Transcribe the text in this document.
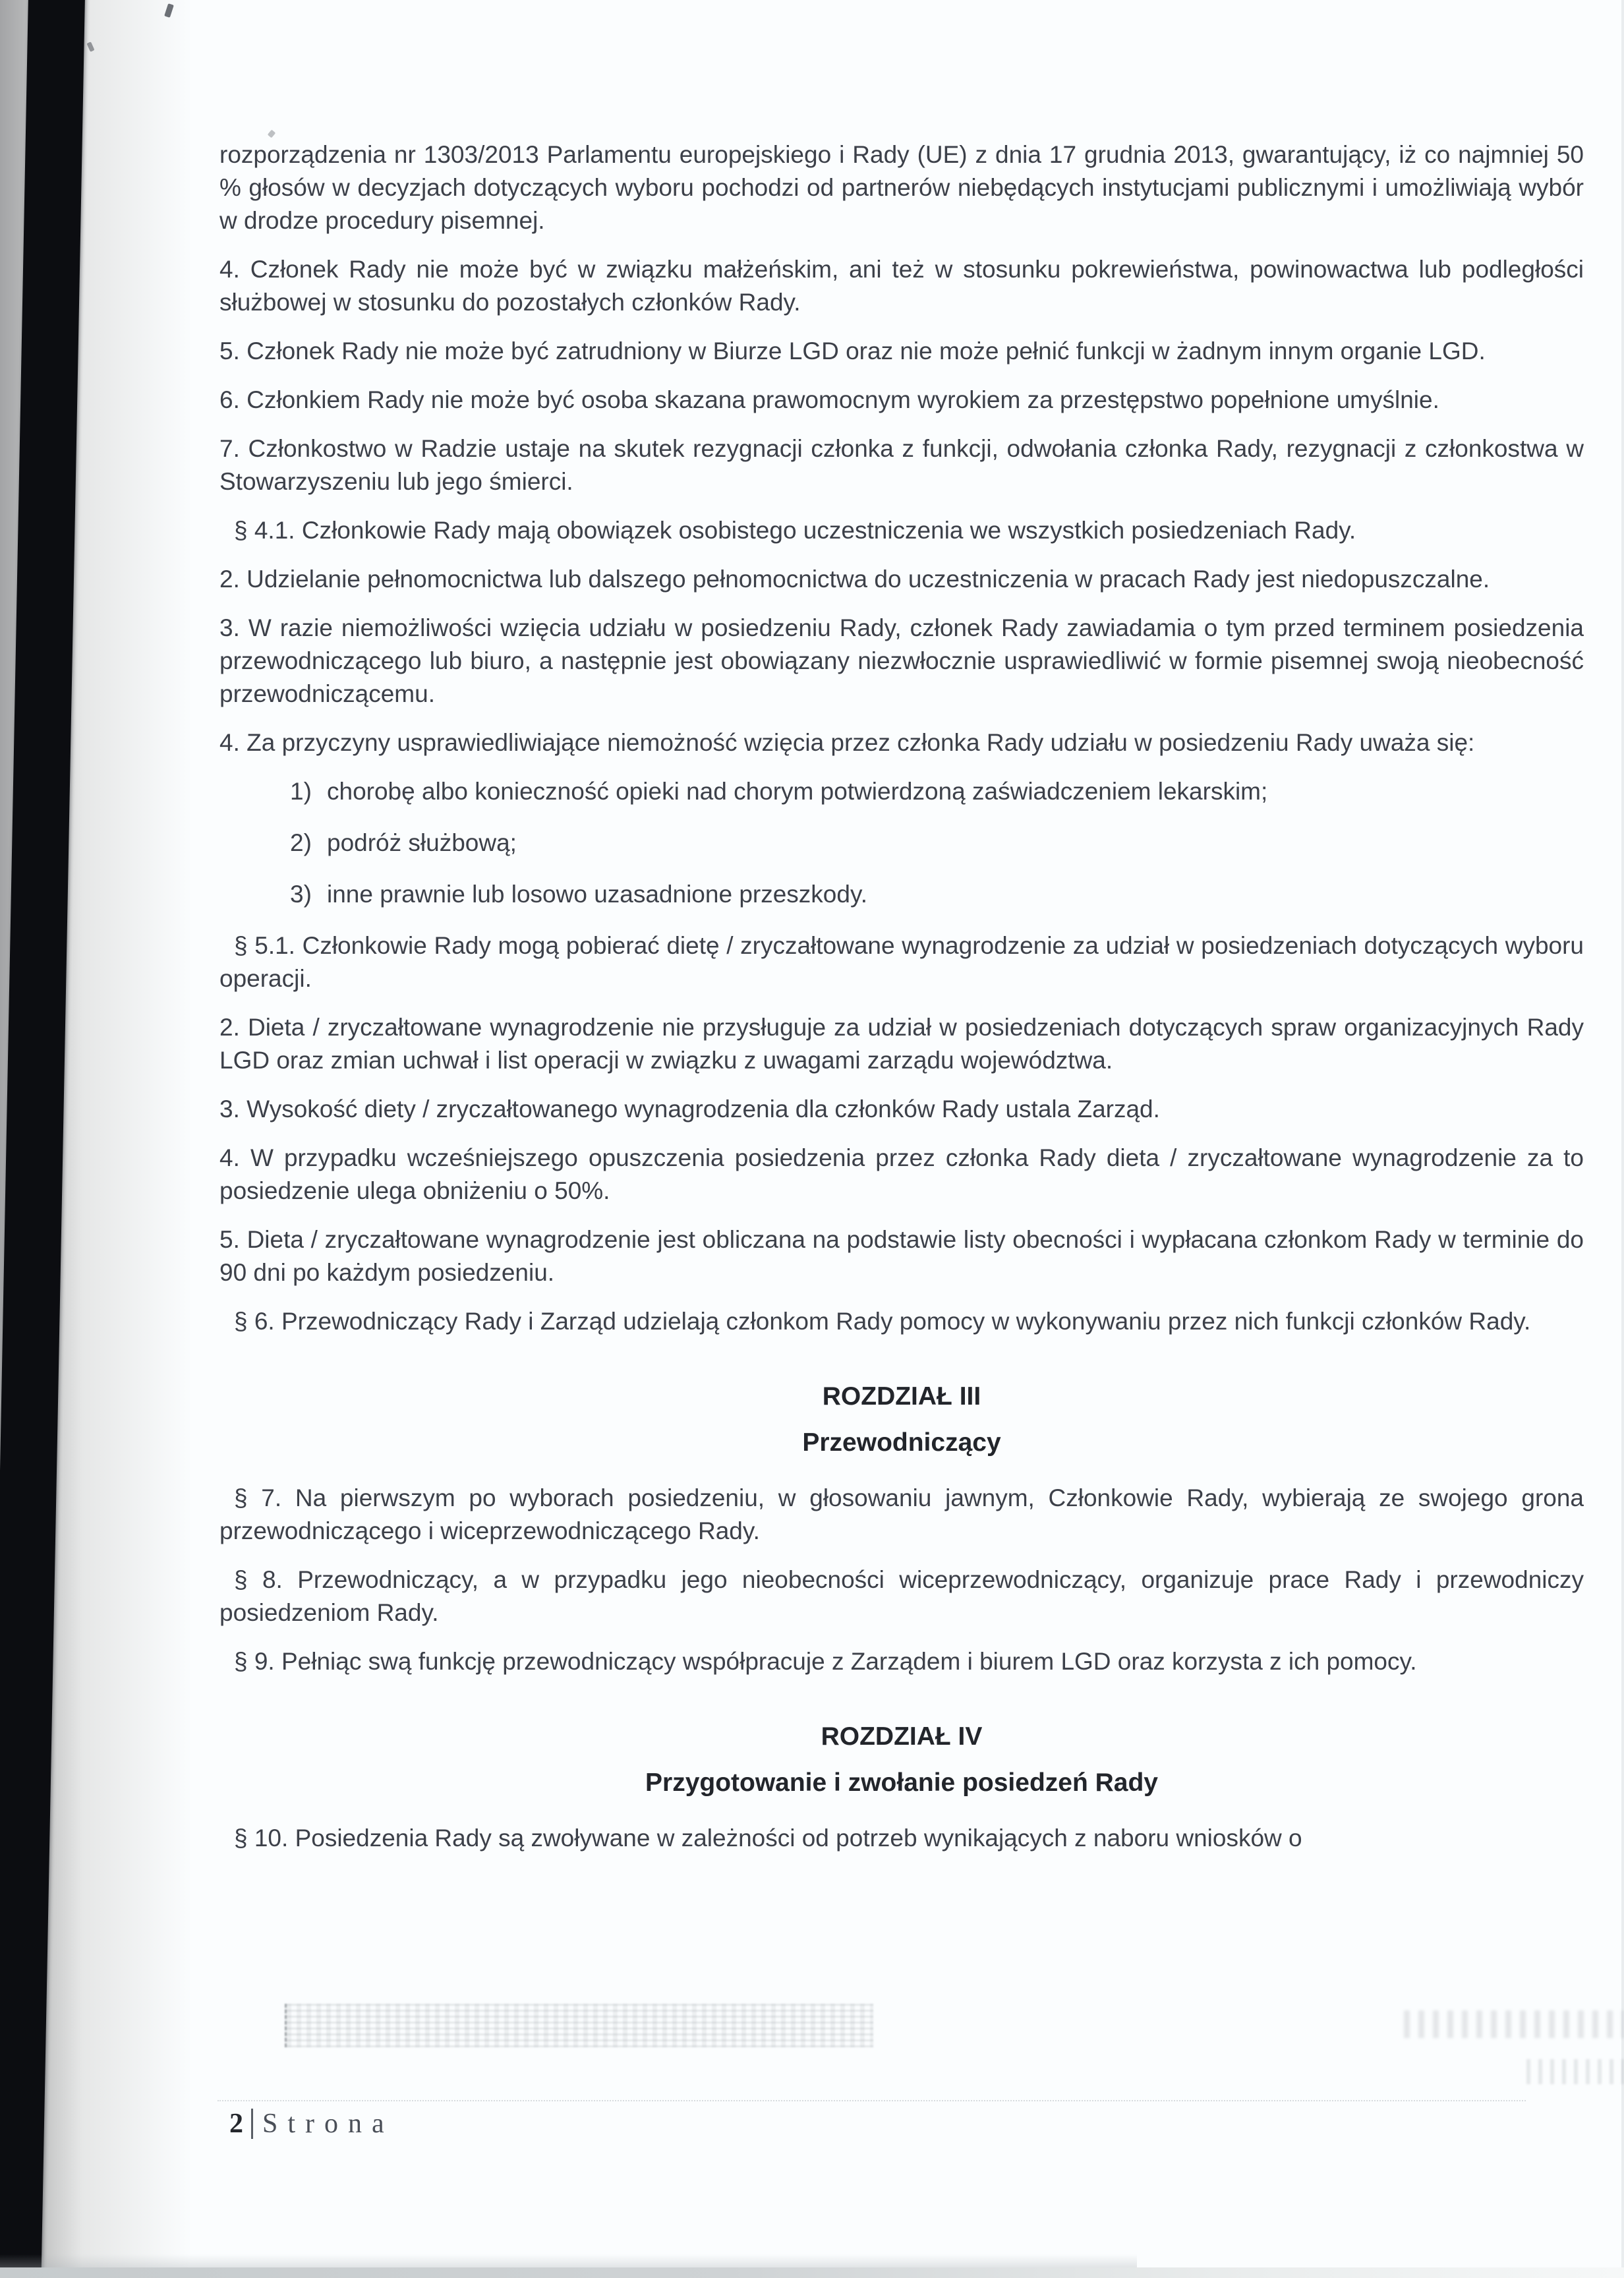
rozporządzenia nr 1303/2013 Parlamentu europejskiego i Rady (UE) z dnia 17 grudnia 2013, gwarantujący, iż co najmniej 50 % głosów w decyzjach dotyczących wyboru pochodzi od partnerów niebędących instytucjami publicznymi i umożliwiają wybór w drodze procedury pisemnej.
4. Członek Rady nie może być w związku małżeńskim, ani też w stosunku pokrewieństwa, powinowactwa lub podległości służbowej w stosunku do pozostałych członków Rady.
5. Członek Rady nie może być zatrudniony w Biurze LGD oraz nie może pełnić funkcji w żadnym innym organie LGD.
6. Członkiem Rady nie może być osoba skazana prawomocnym wyrokiem za przestępstwo popełnione umyślnie.
7. Członkostwo w Radzie ustaje na skutek rezygnacji członka z funkcji, odwołania członka Rady, rezygnacji z członkostwa w Stowarzyszeniu lub jego śmierci.
§ 4.1. Członkowie Rady mają obowiązek osobistego uczestniczenia we wszystkich posiedzeniach Rady.
2. Udzielanie pełnomocnictwa lub dalszego pełnomocnictwa do uczestniczenia w pracach Rady jest niedopuszczalne.
3. W razie niemożliwości wzięcia udziału w posiedzeniu Rady, członek Rady zawiadamia o tym przed terminem posiedzenia przewodniczącego lub biuro, a następnie jest obowiązany niezwłocznie usprawiedliwić w formie pisemnej swoją nieobecność przewodniczącemu.
4. Za przyczyny usprawiedliwiające niemożność wzięcia przez członka Rady udziału w posiedzeniu Rady uważa się:
1) chorobę albo konieczność opieki nad chorym potwierdzoną zaświadczeniem lekarskim;
2) podróż służbową;
3) inne prawnie lub losowo uzasadnione przeszkody.
§ 5.1. Członkowie Rady mogą pobierać dietę / zryczałtowane wynagrodzenie za udział w posiedzeniach dotyczących wyboru operacji.
2. Dieta / zryczałtowane wynagrodzenie nie przysługuje za udział w posiedzeniach dotyczących spraw organizacyjnych Rady LGD oraz zmian uchwał i list operacji w związku z uwagami zarządu województwa.
3. Wysokość diety / zryczałtowanego wynagrodzenia dla członków Rady ustala Zarząd.
4. W przypadku wcześniejszego opuszczenia posiedzenia przez członka Rady dieta / zryczałtowane wynagrodzenie za to posiedzenie ulega obniżeniu o 50%.
5. Dieta / zryczałtowane wynagrodzenie jest obliczana na podstawie listy obecności i wypłacana członkom Rady w terminie do 90 dni po każdym posiedzeniu.
§ 6. Przewodniczący Rady i Zarząd udzielają członkom Rady pomocy w wykonywaniu przez nich funkcji członków Rady.
ROZDZIAŁ III
Przewodniczący
§ 7. Na pierwszym po wyborach posiedzeniu, w głosowaniu jawnym, Członkowie Rady, wybierają ze swojego grona przewodniczącego i wiceprzewodniczącego Rady.
§ 8. Przewodniczący, a w przypadku jego nieobecności wiceprzewodniczący, organizuje prace Rady i przewodniczy posiedzeniom Rady.
§ 9. Pełniąc swą funkcję przewodniczący współpracuje z Zarządem i biurem LGD oraz korzysta z ich pomocy.
ROZDZIAŁ IV
Przygotowanie i zwołanie posiedzeń Rady
§ 10. Posiedzenia Rady są zwoływane w zależności od potrzeb wynikających z naboru wniosków o
2 Strona
